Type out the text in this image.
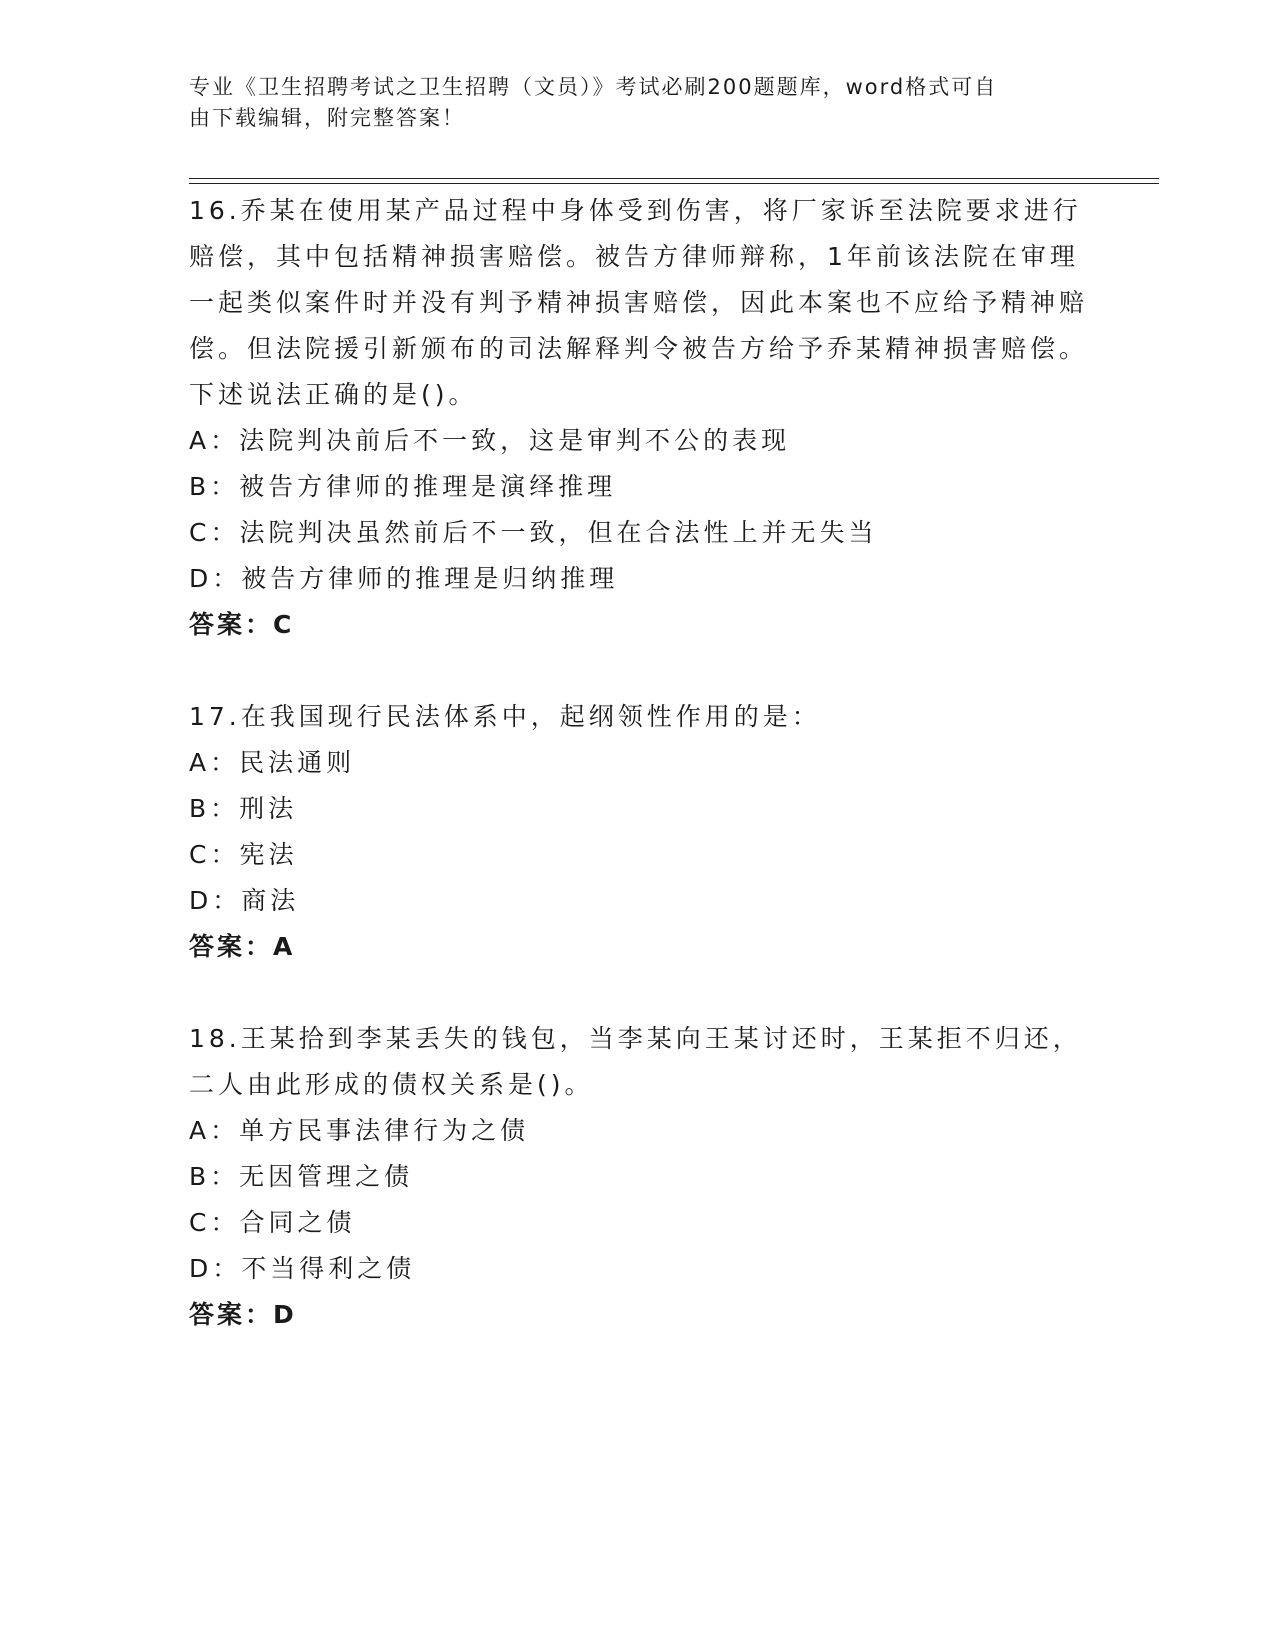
专业《卫生招聘考试之卫生招聘（文员）》考试必刷200题题库，word格式可自
由下载编辑，附完整答案！

16.乔某在使用某产品过程中身体受到伤害，将厂家诉至法院要求进行赔偿，其中包括精神损害赔偿。被告方律师辩称，1年前该法院在审理一起类似案件时并没有判予精神损害赔偿，因此本案也不应给予精神赔偿。但法院援引新颁布的司法解释判令被告方给予乔某精神损害赔偿。下述说法正确的是()。

A：法院判决前后不一致，这是审判不公的表现

B：被告方律师的推理是演绎推理

C：法院判决虽然前后不一致，但在合法性上并无失当

D：被告方律师的推理是归纳推理

答案：C

17.在我国现行民法体系中，起纲领性作用的是：

A：民法通则

B：刑法

C：宪法

D：商法

答案：A

18.王某拾到李某丢失的钱包，当李某向王某讨还时，王某拒不归还，二人由此形成的债权关系是()。

A：单方民事法律行为之债

B：无因管理之债

C：合同之债

D：不当得利之债

答案：D
